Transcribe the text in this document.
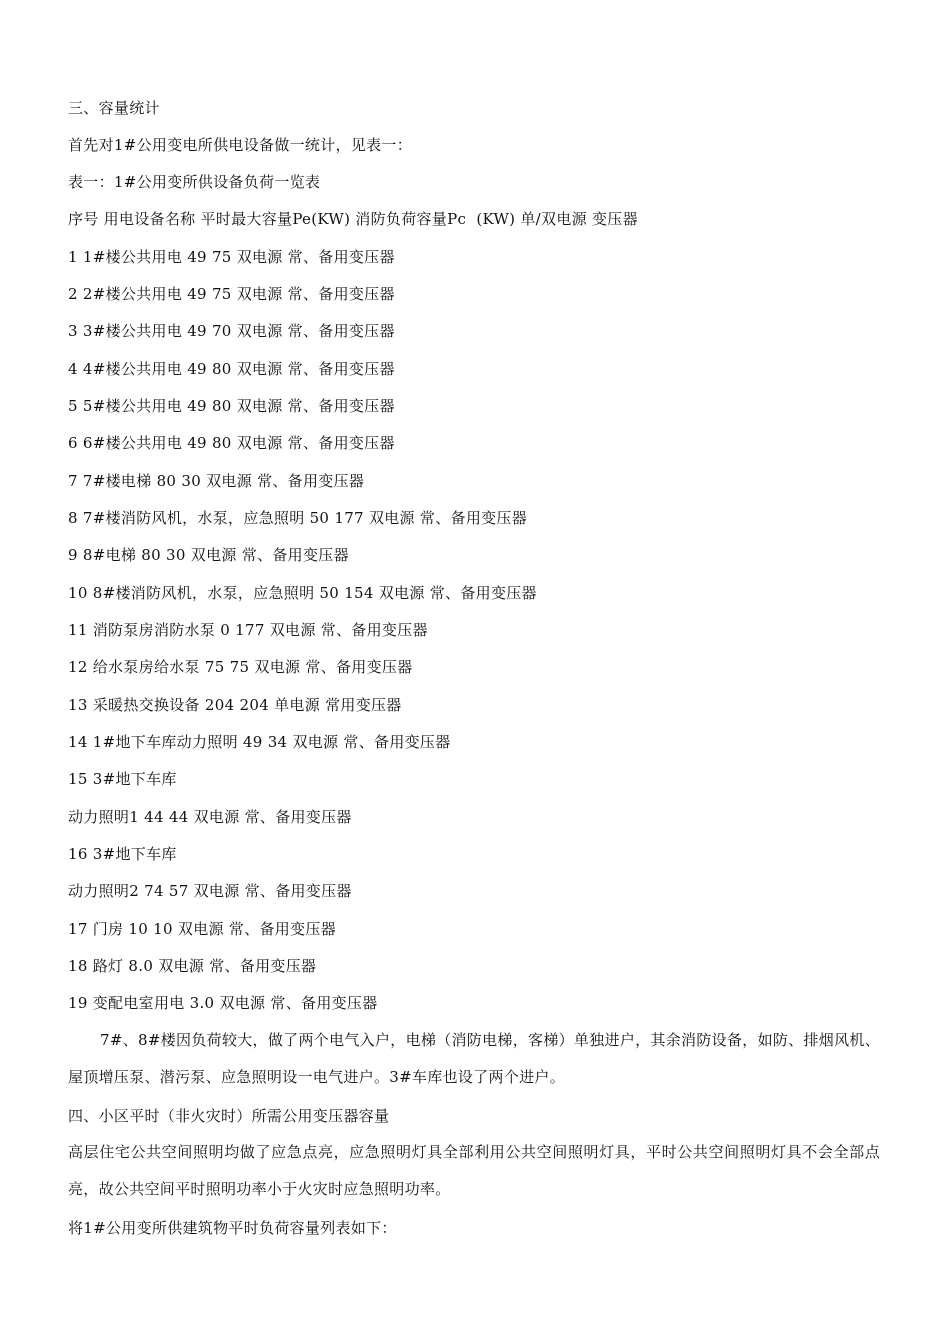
三、容量统计
首先对1#公用变电所供电设备做一统计，见表一：
表一：1#公用变所供设备负荷一览表
序号 用电设备名称 平时最大容量Pe(KW) 消防负荷容量Pc  (KW) 单/双电源 变压器
1 1#楼公共用电 49 75 双电源 常、备用变压器
2 2#楼公共用电 49 75 双电源 常、备用变压器
3 3#楼公共用电 49 70 双电源 常、备用变压器
4 4#楼公共用电 49 80 双电源 常、备用变压器
5 5#楼公共用电 49 80 双电源 常、备用变压器
6 6#楼公共用电 49 80 双电源 常、备用变压器
7 7#楼电梯 80 30 双电源 常、备用变压器
8 7#楼消防风机，水泵，应急照明 50 177 双电源 常、备用变压器
9 8#电梯 80 30 双电源 常、备用变压器
10 8#楼消防风机，水泵，应急照明 50 154 双电源 常、备用变压器
11 消防泵房消防水泵 0 177 双电源 常、备用变压器
12 给水泵房给水泵 75 75 双电源 常、备用变压器
13 采暖热交换设备 204 204 单电源 常用变压器
14 1#地下车库动力照明 49 34 双电源 常、备用变压器
15 3#地下车库
动力照明1 44 44 双电源 常、备用变压器
16 3#地下车库
动力照明2 74 57 双电源 常、备用变压器
17 门房 10 10 双电源 常、备用变压器
18 路灯 8.0 双电源 常、备用变压器
19 变配电室用电 3.0 双电源 常、备用变压器
7#、8#楼因负荷较大，做了两个电气入户，电梯（消防电梯，客梯）单独进户，其余消防设备，如防、排烟风机、屋顶增压泵、潜污泵、应急照明设一电气进户。3#车库也设了两个进户。
四、小区平时（非火灾时）所需公用变压器容量
高层住宅公共空间照明均做了应急点亮，应急照明灯具全部利用公共空间照明灯具，平时公共空间照明灯具不会全部点亮，故公共空间平时照明功率小于火灾时应急照明功率。
将1#公用变所供建筑物平时负荷容量列表如下：
